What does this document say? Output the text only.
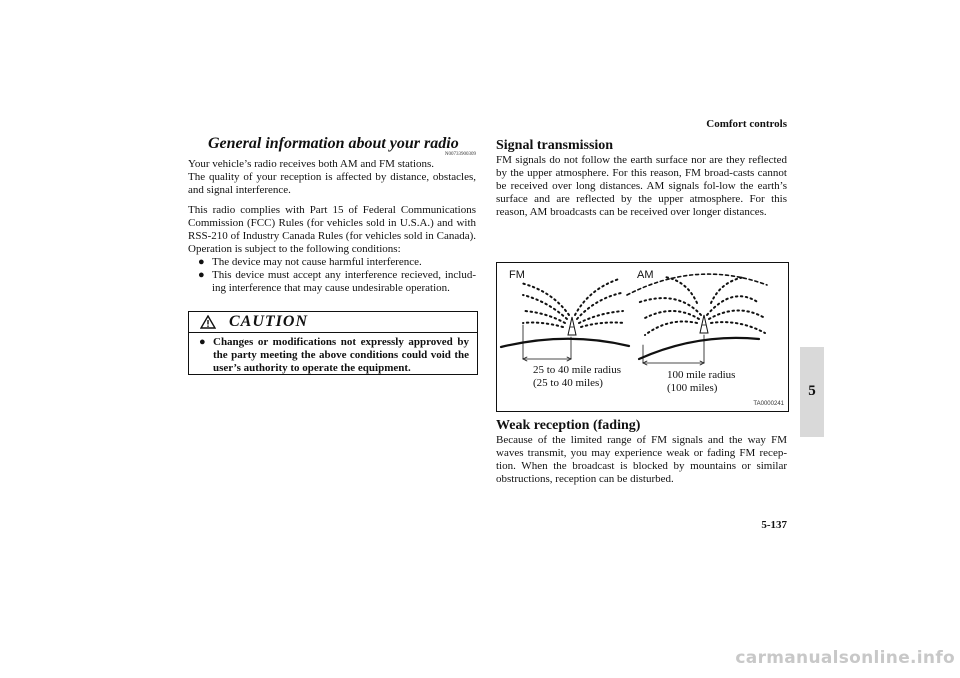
Comfort controls
5
General information about your radio
N00733900309

Your vehicle’s radio receives both AM and FM stations.

The quality of your reception is affected by distance, obstacles, and signal interference.

This radio complies with Part 15 of Federal Communications Commission (FCC) Rules (for vehicles sold in U.S.A.) and with RSS-210 of Industry Canada Rules (for vehicles sold in Canada). Operation is subject to the following conditions:

● The device may not cause harmful interference.
● This device must accept any interference recieved, includ-ing interference that may cause undesirable operation.
CAUTION
● Changes or modifications not expressly approved by the party meeting the above conditions could void the user’s authority to operate the equipment.
Signal transmission

FM signals do not follow the earth surface nor are they reflected by the upper atmosphere. For this reason, FM broad-casts cannot be received over long distances. AM signals fol-low the earth’s surface and are reflected by the upper atmosphere. For this reason, AM broadcasts can be received over longer distances.

FM	AM
25 to 40 mile radius
(25 to 40 miles)
100 mile radius
(100 miles)
TA0000241
Weak reception (fading)

Because of the limited range of FM signals and the way FM waves transmit, you may experience weak or fading FM recep-tion. When the broadcast is blocked by mountains or similar obstructions, reception can be disturbed.

5-137
carmanualsonline.info
